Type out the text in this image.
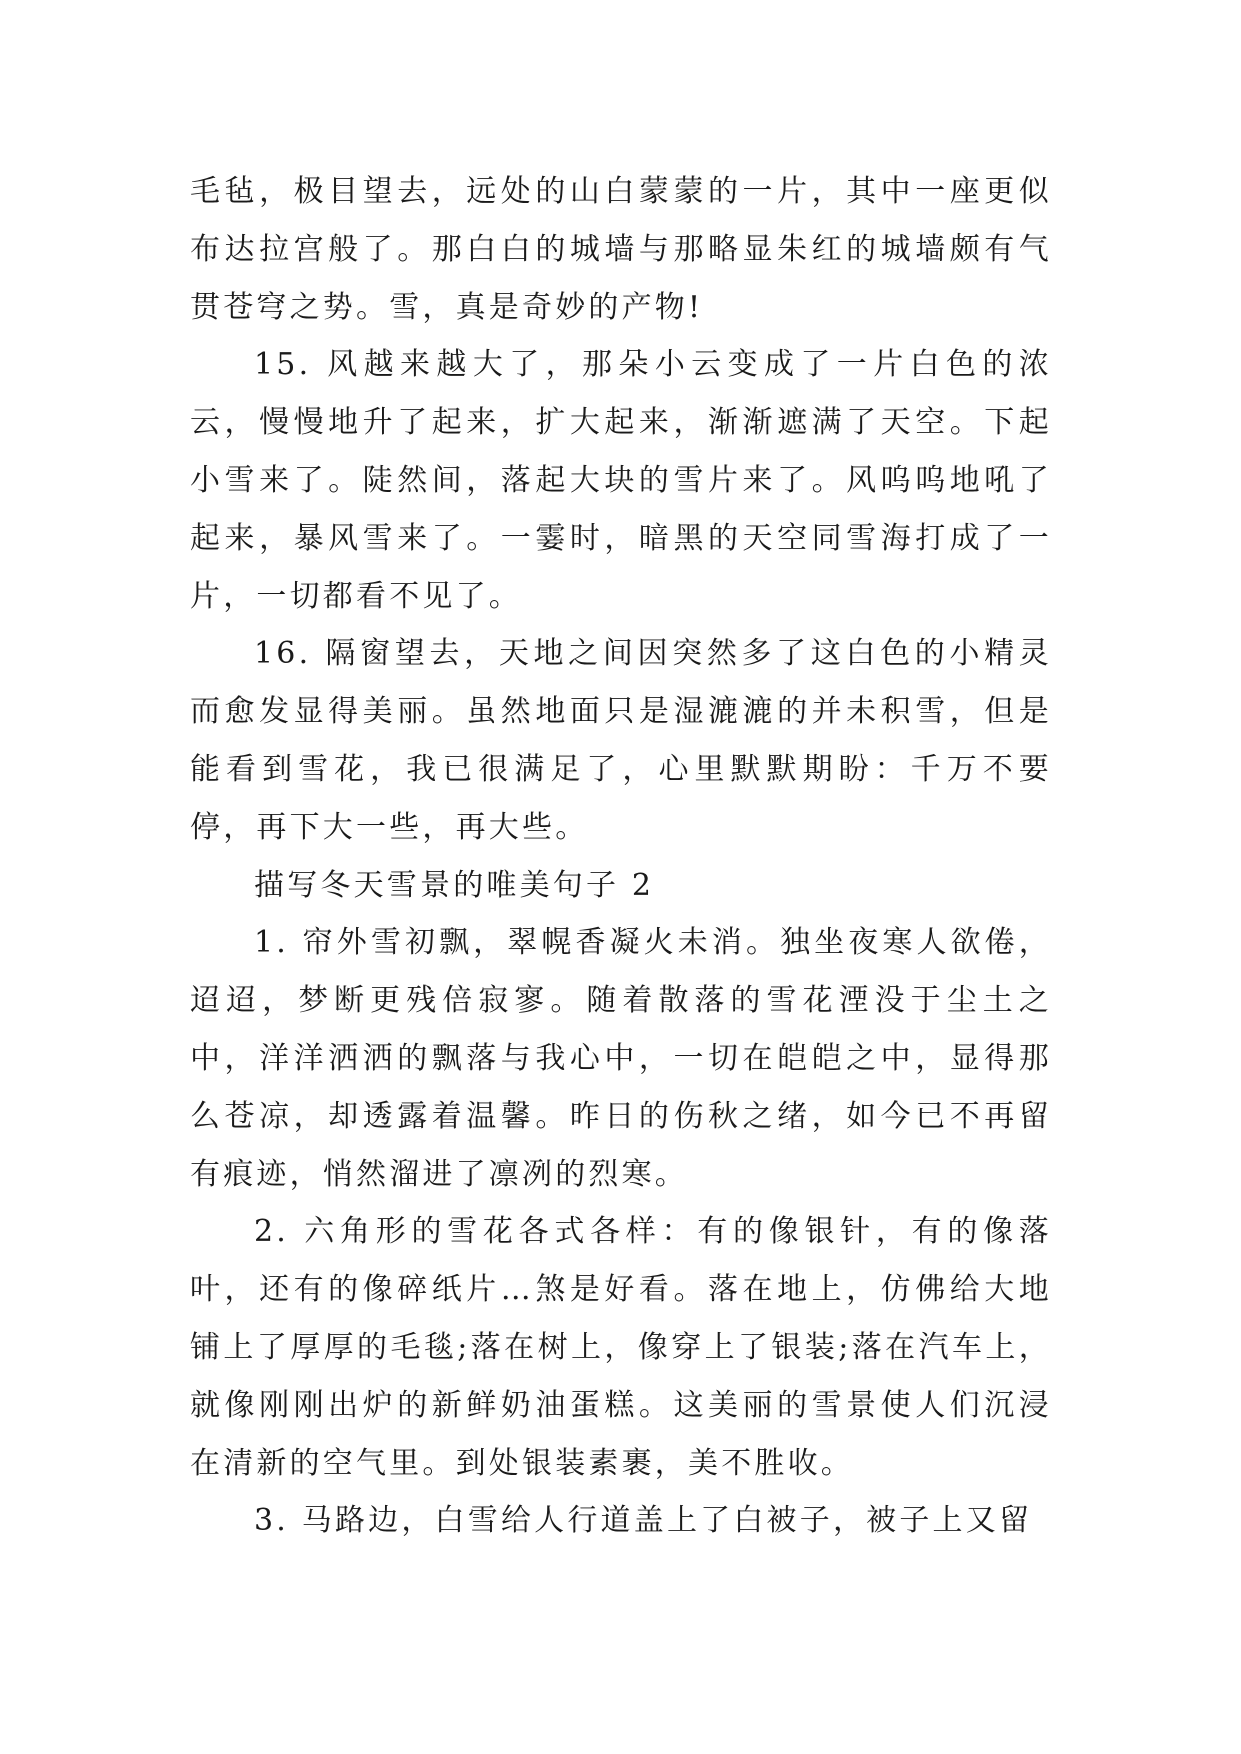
毛毡，极目望去，远处的山白蒙蒙的一片，其中一座更似布达拉宫般了。那白白的城墙与那略显朱红的城墙颇有气贯苍穹之势。雪，真是奇妙的产物!

15. 风越来越大了，那朵小云变成了一片白色的浓云，慢慢地升了起来，扩大起来，渐渐遮满了天空。下起小雪来了。陡然间，落起大块的雪片来了。风呜呜地吼了起来，暴风雪来了。一霎时，暗黑的天空同雪海打成了一片，一切都看不见了。

16. 隔窗望去，天地之间因突然多了这白色的小精灵而愈发显得美丽。虽然地面只是湿漉漉的并未积雪，但是能看到雪花，我已很满足了，心里默默期盼：千万不要停，再下大一些，再大些。

描写冬天雪景的唯美句子 2

1. 帘外雪初飘，翠幌香凝火未消。独坐夜寒人欲倦，迢迢，梦断更残倍寂寥。随着散落的雪花湮没于尘土之中，洋洋洒洒的飘落与我心中，一切在皑皑之中，显得那么苍凉，却透露着温馨。昨日的伤秋之绪，如今已不再留有痕迹，悄然溜进了凛冽的烈寒。

2. 六角形的雪花各式各样：有的像银针，有的像落叶，还有的像碎纸片…煞是好看。落在地上，仿佛给大地铺上了厚厚的毛毯;落在树上，像穿上了银装;落在汽车上，就像刚刚出炉的新鲜奶油蛋糕。这美丽的雪景使人们沉浸在清新的空气里。到处银装素裹，美不胜收。

3. 马路边，白雪给人行道盖上了白被子，被子上又留
